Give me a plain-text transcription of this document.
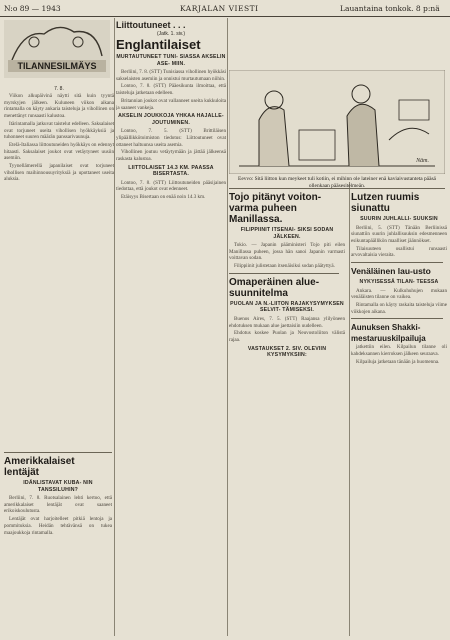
N:o 89 — 1943	KARJALAN VIESTI	Lauantaina tonkok. 8 p:nä
TILANNESILMÄYS
7. 8.

Viikon alkupäivinä näytti sitä kuin tyyntä myrskyjen jälkeen. Kuluneen viikon aikana rintamalla on käyty ankaria taisteluja ja vihollinen on menettänyt runsaasti kalustoa.

Itärintamalla jatkuvat taistelut edelleen. Saksalaiset ovat torjuneet useita vihollisen hyökkäyksiä ja tuhonneet suuren määrän panssarivaunuja.

Etelä-Italiassa liittoutuneiden hyökkäys on edennyt hitaasti. Saksalaiset joukot ovat vetäytyneet uusiin asemiin.

Tyynellämerellä japanilaiset ovat torjuneet vihollisen maihinnousuyrityksiä ja upottaneet useita aluksia.

Amerikkalaiset lentäjät
IDÄNLISTAVAT KUBA- NIN TANSSILUHIN?

Berliini, 7. 8. Ruotsalainen lehti kertoo, että amerikkalaiset lentäjät ovat saaneet erikoiskoulutusta.

Lentäjät ovat harjoitelleet pitkiä lentoja ja pommituksia. Heidän tehtävänsä on tukea maajoukkoja rintamalla.

Liittoutuneet . . .
(Jatk. 1. siv.)
Englantilaiset
MURTAUTUNEET TUNI- SIASSA AKSELIN ASE- MIIN.

Berliini, 7. 8. (STT) Tunisiassa vihollinen hyökkäsi sakselaisten asemiin ja onnistui murtautumaan niihin.

Lontoo, 7. 8. (STT) Pääesikunta ilmoittaa, että taisteluja jatketaan edelleen.

Britannian joukot ovat vallanneet useita kukkuloita ja saaneet vankeja.

AKSELIN JOUKKOJA YHKAA HAJALLE- JOUTUMINEN.

Lontoo, 7. 5. (STT) Brittiläisen ylipäällikkötoimiston tiedotus: Liittoutuneet ovat ottaneet haltuunsa useita asemia.

Vihollinen joutuu vetäytymään ja jättää jälkeensä raskasta kalustoa.

LIITTOLAISET 14.3 KM. PAASSA BISERTASTA.

Lontoo, 7. 8. (STT) Liittoutuneiden pääsijainen tiedottaa, että joukot ovat edenneet.

Etäisyys Bisertaan on enää noin 14.3 km.

Näm.
Eevvo: Sitä liitton kun meykeet tuli kotiin, ei mihinn ole lateiner enä kaviaivustanteta pääsä ollenkaan pääsesitelmeän.
Tojo pitänyt voiton- varma puheen Manillassa.
FILIPPIINIT ITSENAI- SIKSI SODAN JÄLKEEN.

Tokio. — Japanin pääministeri Tojo piti eilen Manillassa puheen, jossa hän sanoi Japanin varmasti voittavan sodan.

Filippiinit julistetaan itsenäisiksi sodan päätyttyä.

Omaperäinen alue- suunnitelma
PUOLAN JA N.-LIITON RAJAKYSYMYKSEN SELVIT- TÄMISEKSI.

Buenos Aires, 7. 5. (STT) Raajansa ylilyöneen ehdotuksen mukaan alue jaettaisiin uudelleen.

Ehdotus koskee Puolan ja Neuvostoliiton välistä rajaa.

VASTAUKSET 2. SIV. OLEVIIN KYSYMYKSIIN:
Lutzen ruumis siunattu
SUURIN JUHLALLI- SUUKSIN

Berliini, 5. (STT) Tänään Berliinissä siunattiin suurin juhlallisuuksin edesmenneen esikuntapäällikön maalliset jäännökset.

Tilaisuuteen osallistui runsaasti arvovaltaisia vieraita.

Venäläinen lau-usto
NYKYISESSÄ TILAN- TEESSA

Ankara. — Kulkuhuhujen mukaan venäläisten tilanne on vaikea.

Rintamalla on käyty raskaita taisteluja viime viikkojen aikana.

Aunuksen Shakki- mestaruuskilpailuja

jatkettiin eilen. Kilpailun tilanne oli kahdeksannen kierroksen jälkeen seuraava.

Kilpailuja jatketaan tänään ja huomenna.
